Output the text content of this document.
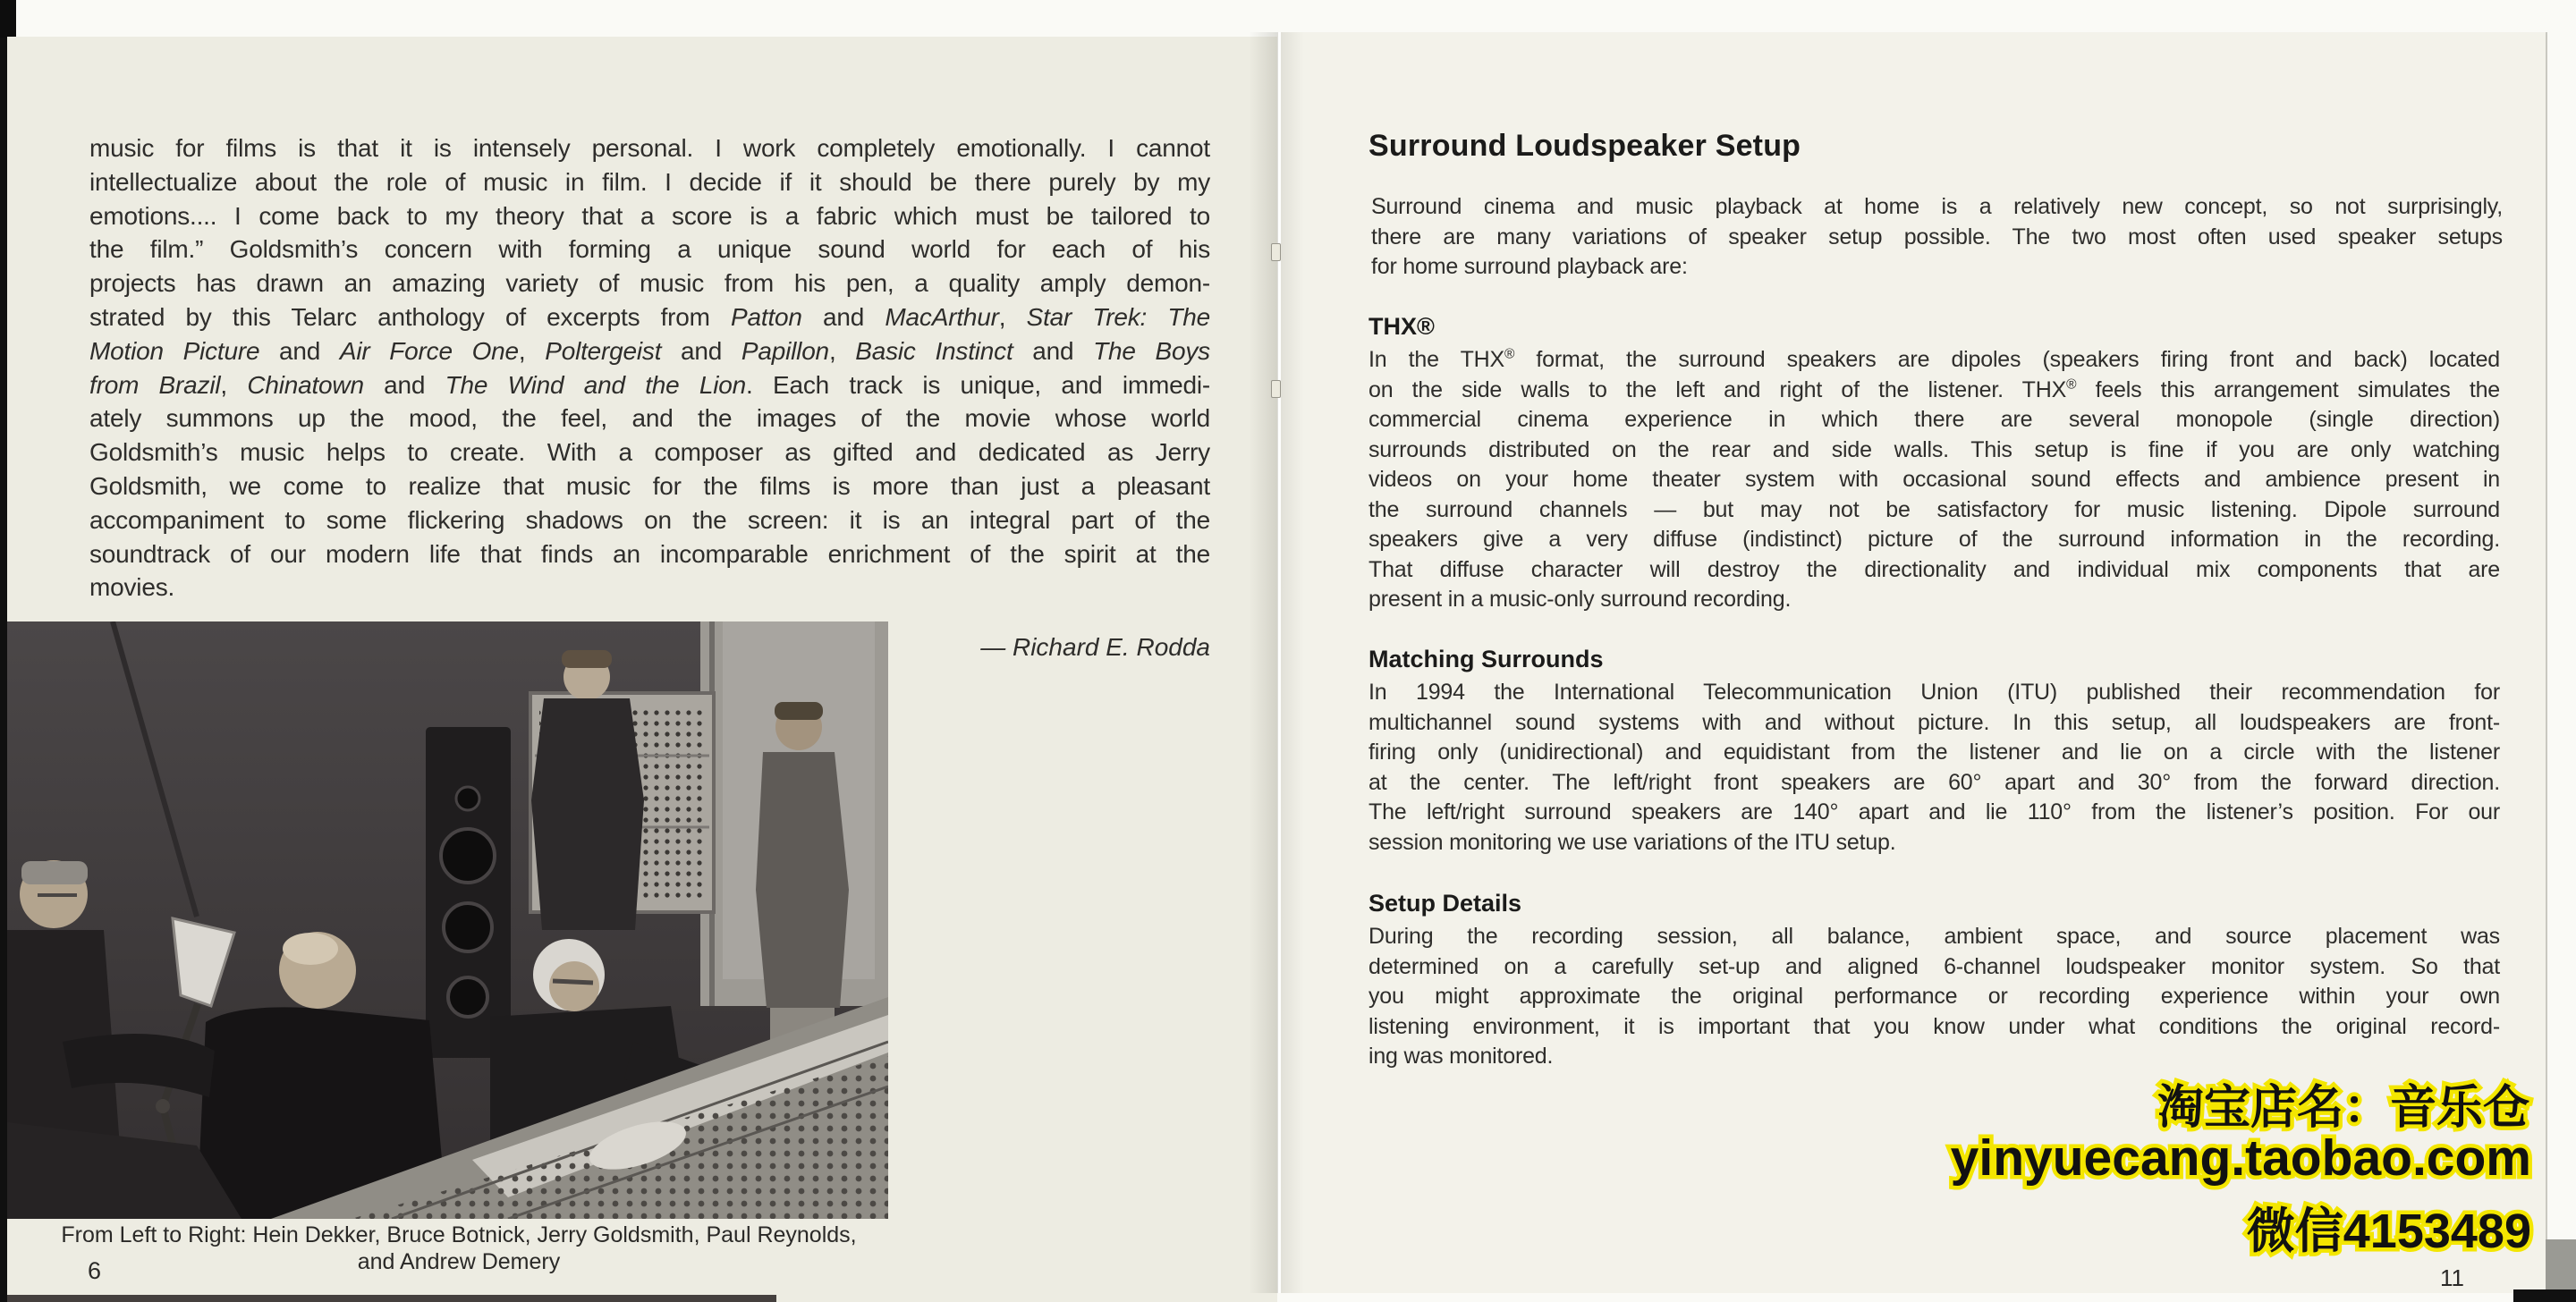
music for films is that it is intensely personal. I work completely emotionally. I cannot
intellectualize about the role of music in film. I decide if it should be there purely by my
emotions.... I come back to my theory that a score is a fabric which must be tailored to
the film.” Goldsmith’s concern with forming a unique sound world for each of his
projects has drawn an amazing variety of music from his pen, a quality amply demon-
strated by this Telarc anthology of excerpts from Patton and MacArthur, Star Trek: The
Motion Picture and Air Force One, Poltergeist and Papillon, Basic Instinct and The Boys
from Brazil, Chinatown and The Wind and the Lion. Each track is unique, and immedi-
ately summons up the mood, the feel, and the images of the movie whose world
Goldsmith’s music helps to create. With a composer as gifted and dedicated as Jerry
Goldsmith, we come to realize that music for the films is more than just a pleasant
accompaniment to some flickering shadows on the screen: it is an integral part of the
soundtrack of our modern life that finds an incomparable enrichment of the spirit at the
movies.
— Richard E. Rodda
From Left to Right: Hein Dekker, Bruce Botnick, Jerry Goldsmith, Paul Reynolds,
and Andrew Demery
6
Surround Loudspeaker Setup
Surround cinema and music playback at home is a relatively new concept, so not surprisingly,
there are many variations of speaker setup possible. The two most often used speaker setups
for home surround playback are:
THX®
In the THX® format, the surround speakers are dipoles (speakers firing front and back) located
on the side walls to the left and right of the listener. THX® feels this arrangement simulates the
commercial cinema experience in which there are several monopole (single direction)
surrounds distributed on the rear and side walls. This setup is fine if you are only watching
videos on your home theater system with occasional sound effects and ambience present in
the surround channels — but may not be satisfactory for music listening. Dipole surround
speakers give a very diffuse (indistinct) picture of the surround information in the recording.
That diffuse character will destroy the directionality and individual mix components that are
present in a music-only surround recording.
Matching Surrounds
In 1994 the International Telecommunication Union (ITU) published their recommendation for
multichannel sound systems with and without picture. In this setup, all loudspeakers are front-
firing only (unidirectional) and equidistant from the listener and lie on a circle with the listener
at the center. The left/right front speakers are 60° apart and 30° from the forward direction.
The left/right surround speakers are 140° apart and lie 110° from the listener’s position. For our
session monitoring we use variations of the ITU setup.
Setup Details
During the recording session, all balance, ambient space, and source placement was
determined on a carefully set-up and aligned 6-channel loudspeaker monitor system. So that
you might approximate the original performance or recording experience within your own
listening environment, it is important that you know under what conditions the original record-
ing was monitored.
11
淘宝店名：音乐仓
yinyuecang.taobao.com
微信4153489
